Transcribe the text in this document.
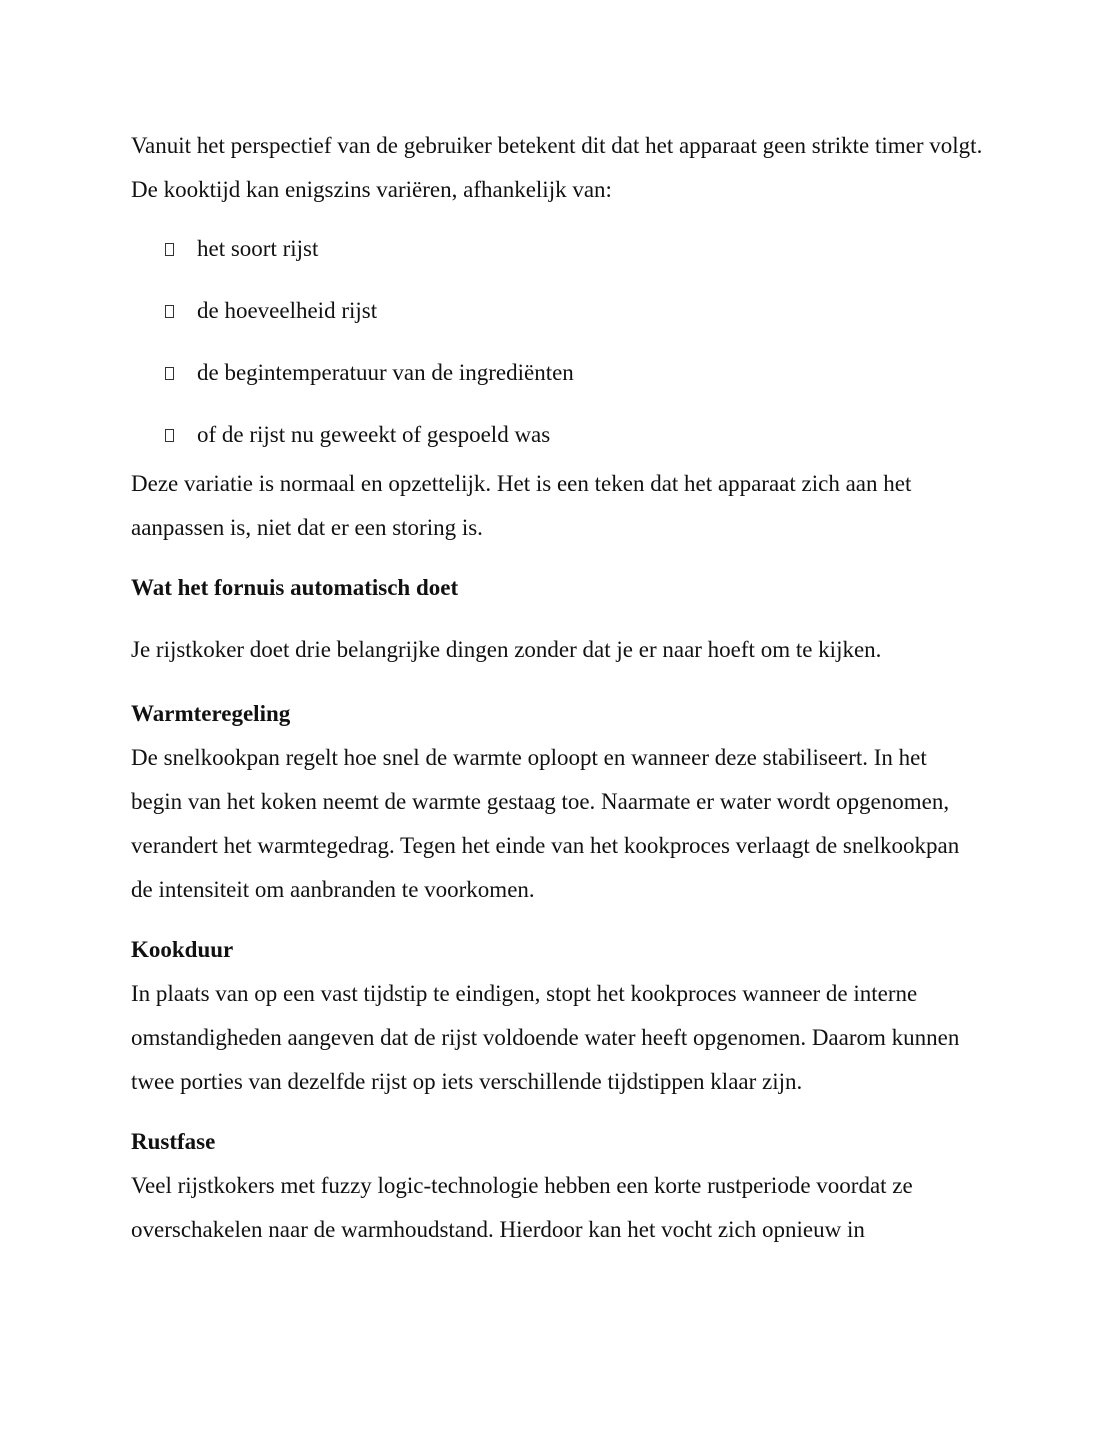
Vanuit het perspectief van de gebruiker betekent dit dat het apparaat geen strikte timer volgt. De kooktijd kan enigszins variëren, afhankelijk van:

het soort rijst
de hoeveelheid rijst
de begintemperatuur van de ingrediënten
of de rijst nu geweekt of gespoeld was

Deze variatie is normaal en opzettelijk. Het is een teken dat het apparaat zich aan het aanpassen is, niet dat er een storing is.

Wat het fornuis automatisch doet

Je rijstkoker doet drie belangrijke dingen zonder dat je er naar hoeft om te kijken.

Warmteregeling

De snelkookpan regelt hoe snel de warmte oploopt en wanneer deze stabiliseert. In het begin van het koken neemt de warmte gestaag toe. Naarmate er water wordt opgenomen, verandert het warmtegedrag. Tegen het einde van het kookproces verlaagt de snelkookpan de intensiteit om aanbranden te voorkomen.

Kookduur

In plaats van op een vast tijdstip te eindigen, stopt het kookproces wanneer de interne omstandigheden aangeven dat de rijst voldoende water heeft opgenomen. Daarom kunnen twee porties van dezelfde rijst op iets verschillende tijdstippen klaar zijn.

Rustfase

Veel rijstkokers met fuzzy logic-technologie hebben een korte rustperiode voordat ze overschakelen naar de warmhoudstand. Hierdoor kan het vocht zich opnieuw in
